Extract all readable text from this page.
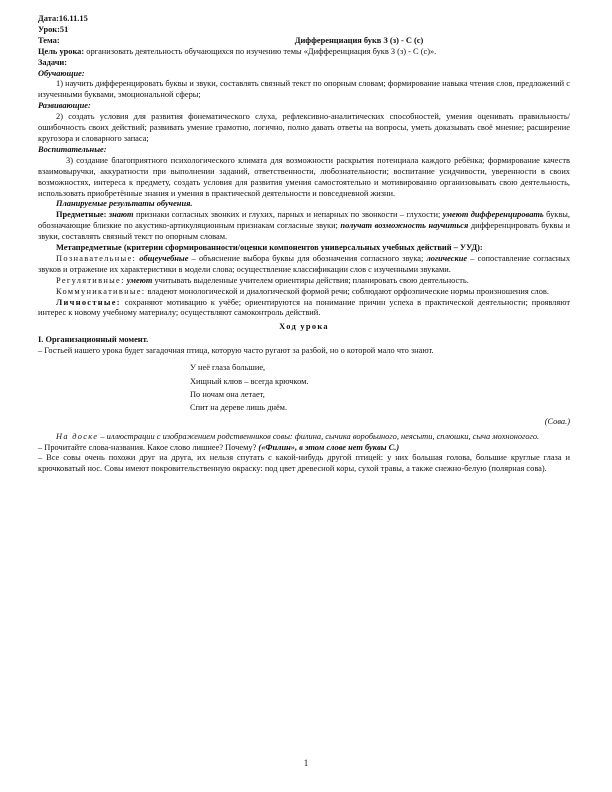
Дата:16.11.15

Урок:51

Тема:	Дифференциация букв З (з) - С (с)

Цель урока: организовать деятельность обучающихся по изучению темы «Дифференциация букв З (з) - С (с)».

Задачи:

Обучающие:

1) научить дифференцировать буквы и звуки, составлять связный текст по опорным словам; формирование навыка чтения слов, предложений с изученными буквами, эмоциональной сферы;

Развивающие:

2) создать условия для развития фонематического слуха, рефлексивно-аналитических способностей, умения оценивать правильность/ошибочность своих действий; развивать умение грамотно, логично, полно давать ответы на вопросы, уметь доказывать своё мнение; расширение кругозора и словарного запаса;

Воспитательные:

3) создание благоприятного психологического климата для возможности раскрытия потенциала каждого ребёнка; формирование качеств взаимовыручки, аккуратности при выполнении заданий, ответственности, любознательности; воспитание усидчивости, уверенности в своих возможностях, интереса к предмету, создать условия для развития умения самостоятельно и мотивированно организовывать свою деятельность, использовать приобретённые знания и умения в практической деятельности и повседневной жизни.

Планируемые результаты обучения.

Предметные: знают признаки согласных звонких и глухих, парных и непарных по звонкости – глухости; умеют дифференцировать буквы, обозначающие близкие по акустико-артикуляционным признакам согласные звуки; получат возможность научиться дифференцировать буквы и звуки, составлять связный текст по опорным словам.

Метапредметные (критерии сформированности/оценки компонентов универсальных учебных действий – УУД):

Познавательные: общеучебные – объяснение выбора буквы для обозначения согласного звука; логические – сопоставление согласных звуков и отражение их характеристики в модели слова; осуществление классификации слов с изученными звуками.

Регулятивные: умеют учитывать выделенные учителем ориентиры действия; планировать свою деятельность.

Коммуникативные: владеют монологической и диалогической формой речи; соблюдают орфоэпические нормы произношения слов.

Личностные: сохраняют мотивацию к учёбе; ориентируются на понимание причин успеха в практической деятельности; проявляют интерес к новому учебному материалу; осуществляют самоконтроль действий.

Ход урока

I. Организационный момент.

– Гостьей нашего урока будет загадочная птица, которую часто ругают за разбой, но о которой мало что знают.

У неё глаза большие,

Хищный клюв – всегда крючком.

По ночам она летает,

Спит на дереве лишь днём.

(Сова.)

На доске – иллюстрации с изображением родственников совы: филина, сычика воробьиного, неясыти, сплюшки, сыча мохноногого.

– Прочитайте слова-названия. Какое слово лишнее? Почему? («Филин», в этом слове нет буквы С.)

– Все совы очень похожи друг на друга, их нельзя спутать с какой-нибудь другой птицей: у них большая голова, большие круглые глаза и крючковатый нос. Совы имеют покровительственную окраску: под цвет древесной коры, сухой травы, а также снежно-белую (полярная сова).

1
